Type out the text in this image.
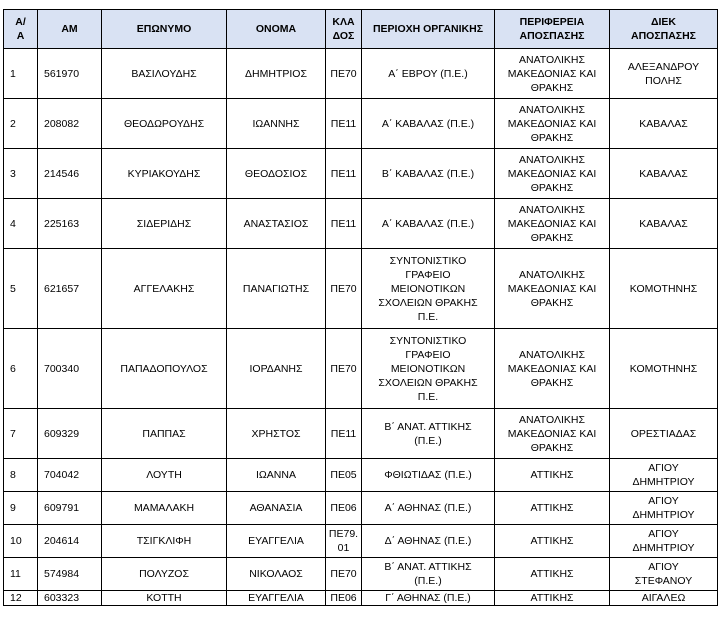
Α/
Α	ΑΜ	ΕΠΩΝΥΜΟ	ΟΝΟΜΑ	ΚΛΑ
ΔΟΣ	ΠΕΡΙΟΧΗ ΟΡΓΑΝΙΚΗΣ	ΠΕΡΙΦΕΡΕΙΑ
ΑΠΟΣΠΑΣΗΣ	ΔΙΕΚ
ΑΠΟΣΠΑΣΗΣ
1	561970	ΒΑΣΙΛΟΥΔΗΣ	ΔΗΜΗΤΡΙΟΣ	ΠΕ70	Α΄ ΕΒΡΟΥ (Π.Ε.)	ΑΝΑΤΟΛΙΚΗΣ
ΜΑΚΕΔΟΝΙΑΣ ΚΑΙ
ΘΡΑΚΗΣ	ΑΛΕΞΑΝΔΡΟΥ
ΠΟΛΗΣ
2	208082	ΘΕΟΔΩΡΟΥΔΗΣ	ΙΩΑΝΝΗΣ	ΠΕ11	Α΄ ΚΑΒΑΛΑΣ (Π.Ε.)	ΑΝΑΤΟΛΙΚΗΣ
ΜΑΚΕΔΟΝΙΑΣ ΚΑΙ
ΘΡΑΚΗΣ	ΚΑΒΑΛΑΣ
3	214546	ΚΥΡΙΑΚΟΥΔΗΣ	ΘΕΟΔΟΣΙΟΣ	ΠΕ11	Β΄ ΚΑΒΑΛΑΣ (Π.Ε.)	ΑΝΑΤΟΛΙΚΗΣ
ΜΑΚΕΔΟΝΙΑΣ ΚΑΙ
ΘΡΑΚΗΣ	ΚΑΒΑΛΑΣ
4	225163	ΣΙΔΕΡΙΔΗΣ	ΑΝΑΣΤΑΣΙΟΣ	ΠΕ11	Α΄ ΚΑΒΑΛΑΣ (Π.Ε.)	ΑΝΑΤΟΛΙΚΗΣ
ΜΑΚΕΔΟΝΙΑΣ ΚΑΙ
ΘΡΑΚΗΣ	ΚΑΒΑΛΑΣ
5	621657	ΑΓΓΕΛΑΚΗΣ	ΠΑΝΑΓΙΩΤΗΣ	ΠΕ70	ΣΥΝΤΟΝΙΣΤΙΚΟ
ΓΡΑΦΕΙΟ
ΜΕΙΟΝΟΤΙΚΩΝ
ΣΧΟΛΕΙΩΝ ΘΡΑΚΗΣ
Π.Ε.	ΑΝΑΤΟΛΙΚΗΣ
ΜΑΚΕΔΟΝΙΑΣ ΚΑΙ
ΘΡΑΚΗΣ	ΚΟΜΟΤΗΝΗΣ
6	700340	ΠΑΠΑΔΟΠΟΥΛΟΣ	ΙΟΡΔΑΝΗΣ	ΠΕ70	ΣΥΝΤΟΝΙΣΤΙΚΟ
ΓΡΑΦΕΙΟ
ΜΕΙΟΝΟΤΙΚΩΝ
ΣΧΟΛΕΙΩΝ ΘΡΑΚΗΣ
Π.Ε.	ΑΝΑΤΟΛΙΚΗΣ
ΜΑΚΕΔΟΝΙΑΣ ΚΑΙ
ΘΡΑΚΗΣ	ΚΟΜΟΤΗΝΗΣ
7	609329	ΠΑΠΠΑΣ	ΧΡΗΣΤΟΣ	ΠΕ11	Β΄ ΑΝΑΤ. ΑΤΤΙΚΗΣ
(Π.Ε.)	ΑΝΑΤΟΛΙΚΗΣ
ΜΑΚΕΔΟΝΙΑΣ ΚΑΙ
ΘΡΑΚΗΣ	ΟΡΕΣΤΙΑΔΑΣ
8	704042	ΛΟΥΤΗ	ΙΩΑΝΝΑ	ΠΕ05	ΦΘΙΩΤΙΔΑΣ (Π.Ε.)	ΑΤΤΙΚΗΣ	ΑΓΙΟΥ
ΔΗΜΗΤΡΙΟΥ
9	609791	ΜΑΜΑΛΑΚΗ	ΑΘΑΝΑΣΙΑ	ΠΕ06	Α΄ ΑΘΗΝΑΣ (Π.Ε.)	ΑΤΤΙΚΗΣ	ΑΓΙΟΥ
ΔΗΜΗΤΡΙΟΥ
10	204614	ΤΣΙΓΚΛΙΦΗ	ΕΥΑΓΓΕΛΙΑ	ΠΕ79.
01	Δ΄ ΑΘΗΝΑΣ (Π.Ε.)	ΑΤΤΙΚΗΣ	ΑΓΙΟΥ
ΔΗΜΗΤΡΙΟΥ
11	574984	ΠΟΛΥΖΟΣ	ΝΙΚΟΛΑΟΣ	ΠΕ70	Β΄ ΑΝΑΤ. ΑΤΤΙΚΗΣ
(Π.Ε.)	ΑΤΤΙΚΗΣ	ΑΓΙΟΥ
ΣΤΕΦΑΝΟΥ
12	603323	ΚΟΤΤΗ	ΕΥΑΓΓΕΛΙΑ	ΠΕ06	Γ΄ ΑΘΗΝΑΣ (Π.Ε.)	ΑΤΤΙΚΗΣ	ΑΙΓΑΛΕΩ
